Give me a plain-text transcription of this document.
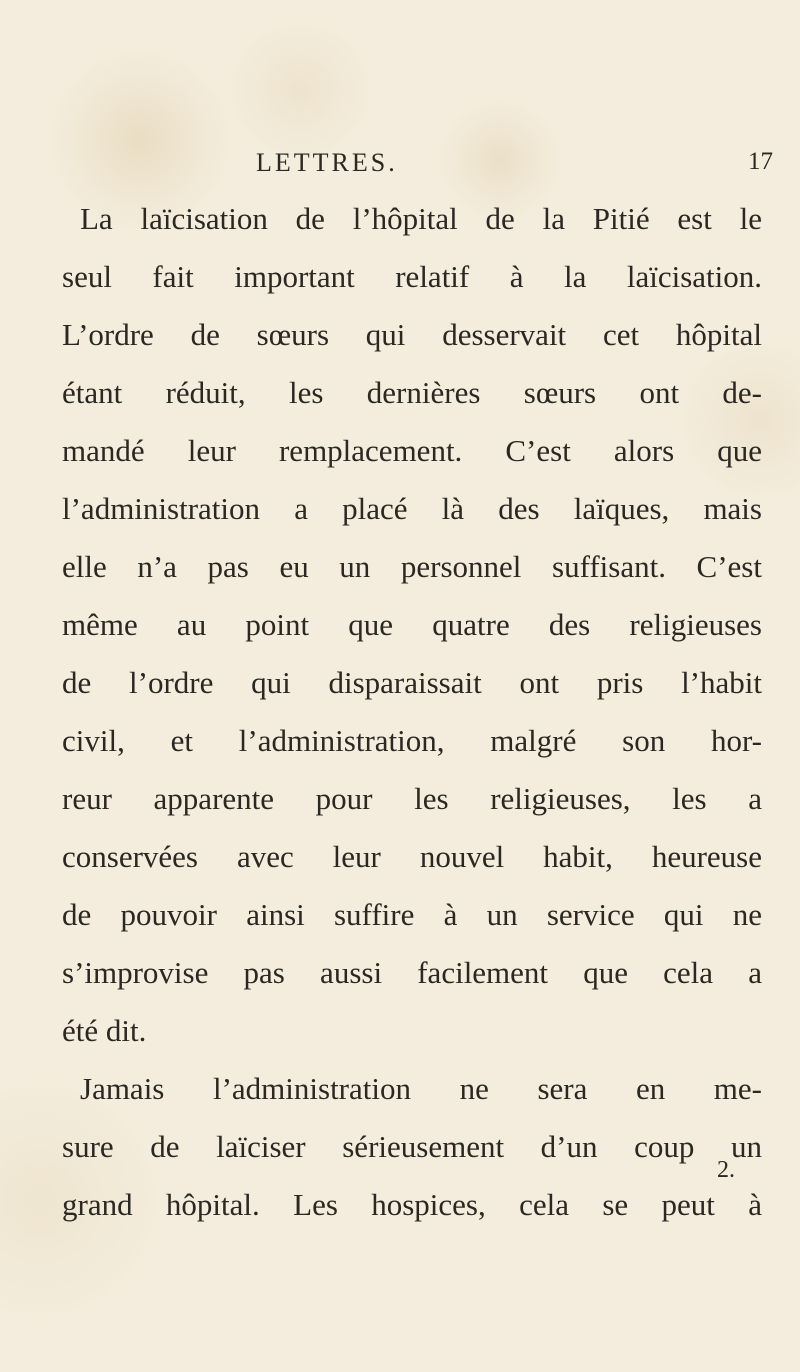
LETTRES.	17
La laïcisation de l’hôpital de la Pitié est le
seul fait important relatif à la laïcisation.
L’ordre de sœurs qui desservait cet hôpital
étant réduit, les dernières sœurs ont de-
mandé leur remplacement. C’est alors que
l’administration a placé là des laïques, mais
elle n’a pas eu un personnel suffisant. C’est
même au point que quatre des religieuses
de l’ordre qui disparaissait ont pris l’habit
civil, et l’administration, malgré son hor-
reur apparente pour les religieuses, les a
conservées avec leur nouvel habit, heureuse
de pouvoir ainsi suffire à un service qui ne
s’improvise pas aussi facilement que cela a
été dit.
Jamais l’administration ne sera en me-
sure de laïciser sérieusement d’un coup un
grand hôpital. Les hospices, cela se peut à
2.
